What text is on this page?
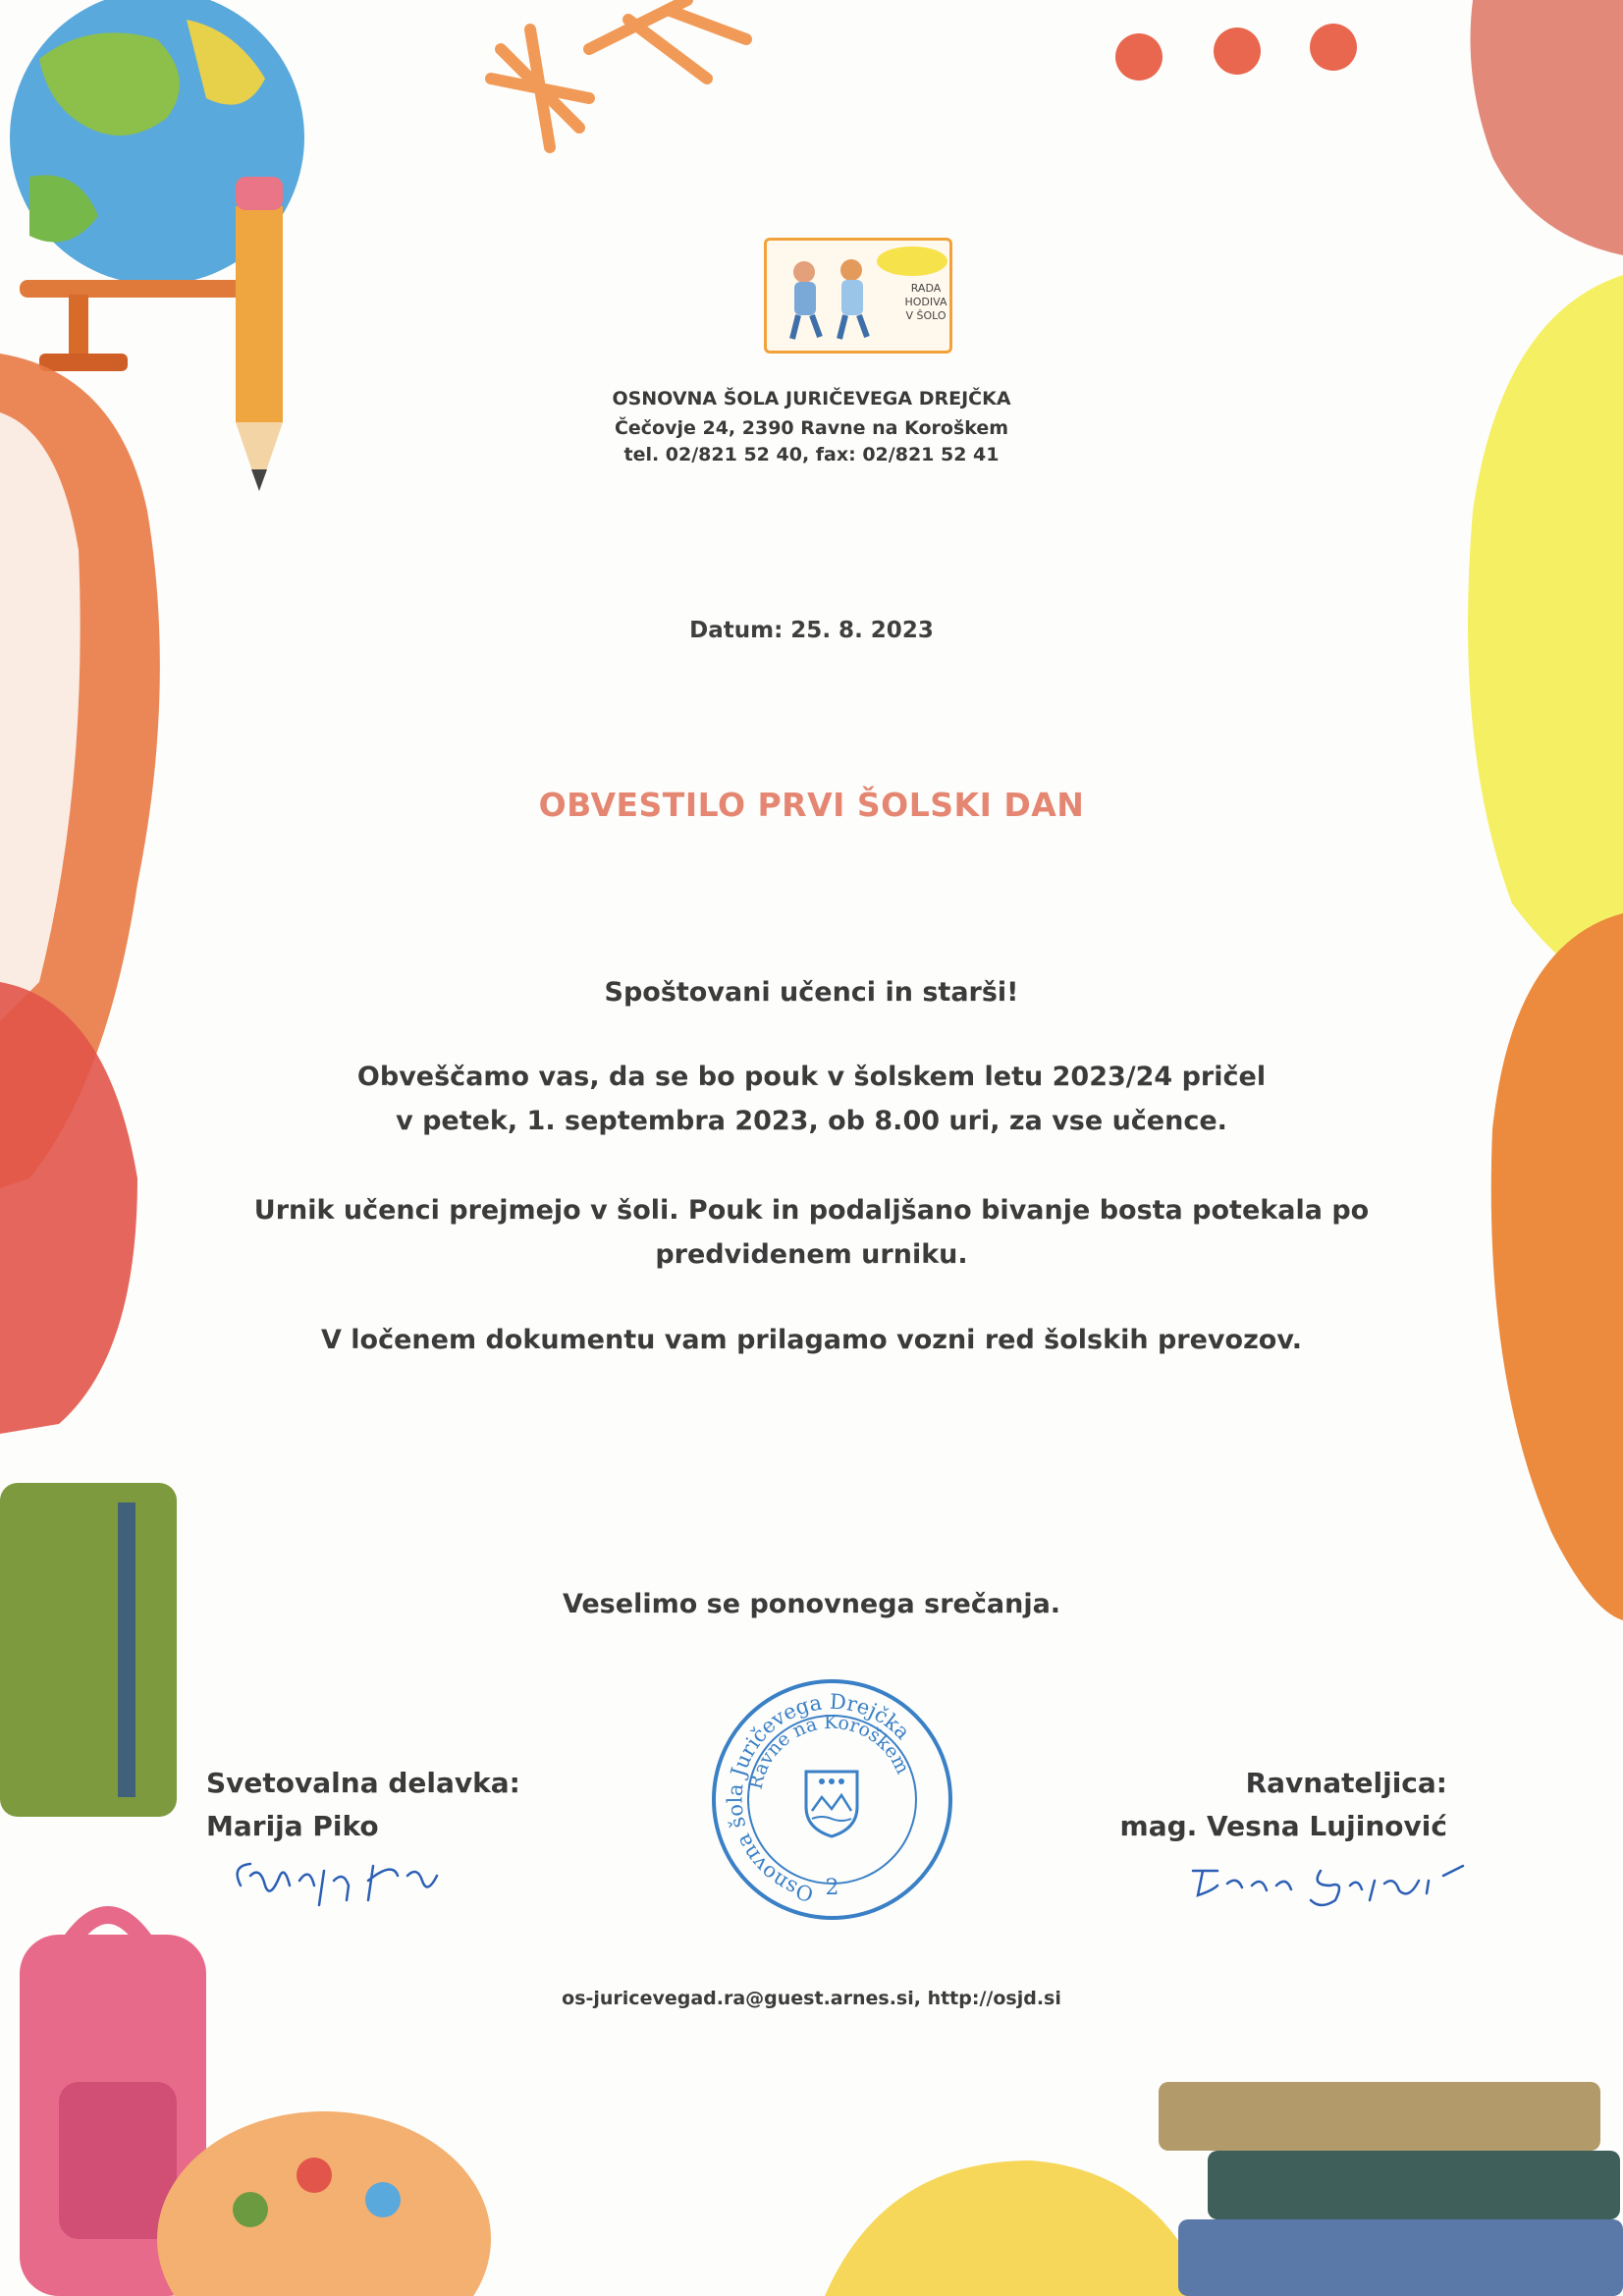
RADA
HODIVA
V ŠOLO
OSNOVNA ŠOLA JURIČEVEGA DREJČKA
Čečovje 24, 2390 Ravne na Koroškem
tel. 02/821 52 40, fax: 02/821 52 41
Datum: 25. 8. 2023
OBVESTILO PRVI ŠOLSKI DAN
Spoštovani učenci in starši!
Obveščamo vas, da se bo pouk v šolskem letu 2023/24 pričel
v petek, 1. septembra 2023, ob 8.00 uri, za vse učence.
Urnik učenci prejmejo v šoli. Pouk in podaljšano bivanje bosta potekala po
predvidenem urniku.
V ločenem dokumentu vam prilagamo vozni red šolskih prevozov.
Veselimo se ponovnega srečanja.
Svetovalna delavka:
Marija Piko
Ravnateljica:
mag. Vesna Lujinović
Osnovna šola Juričevega Drejčka
Ravne na Koroškem
2
os-juricevegad.ra@guest.arnes.si, http://osjd.si
